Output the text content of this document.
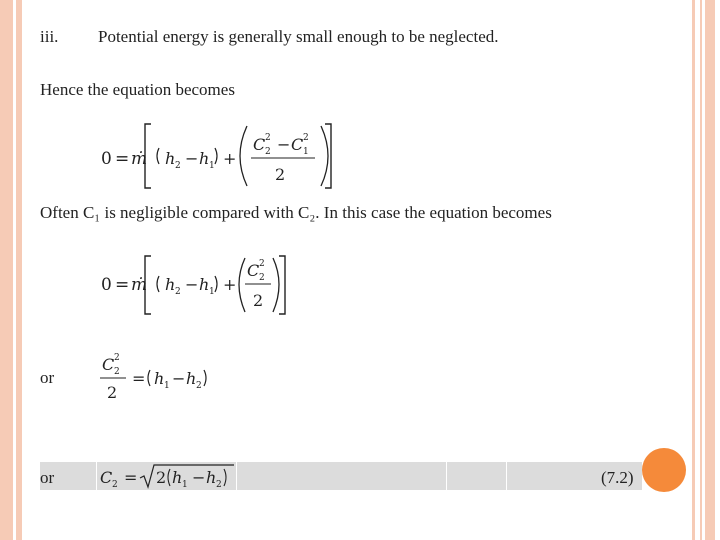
iii. Potential energy is generally small enough to be neglected.
Hence the equation becomes
0 = ṁ h 2 − h 1 +
C 2
2 − C 2
1
2
Often C₁ is negligible compared with C₂. In this case the equation becomes
0 = ṁ h 2 − h 1 +
C 2
2
2
or
C 2
2
2
= h 1 − h 2
or	C 2 = 2 h 1 − h 2	(7.2)
